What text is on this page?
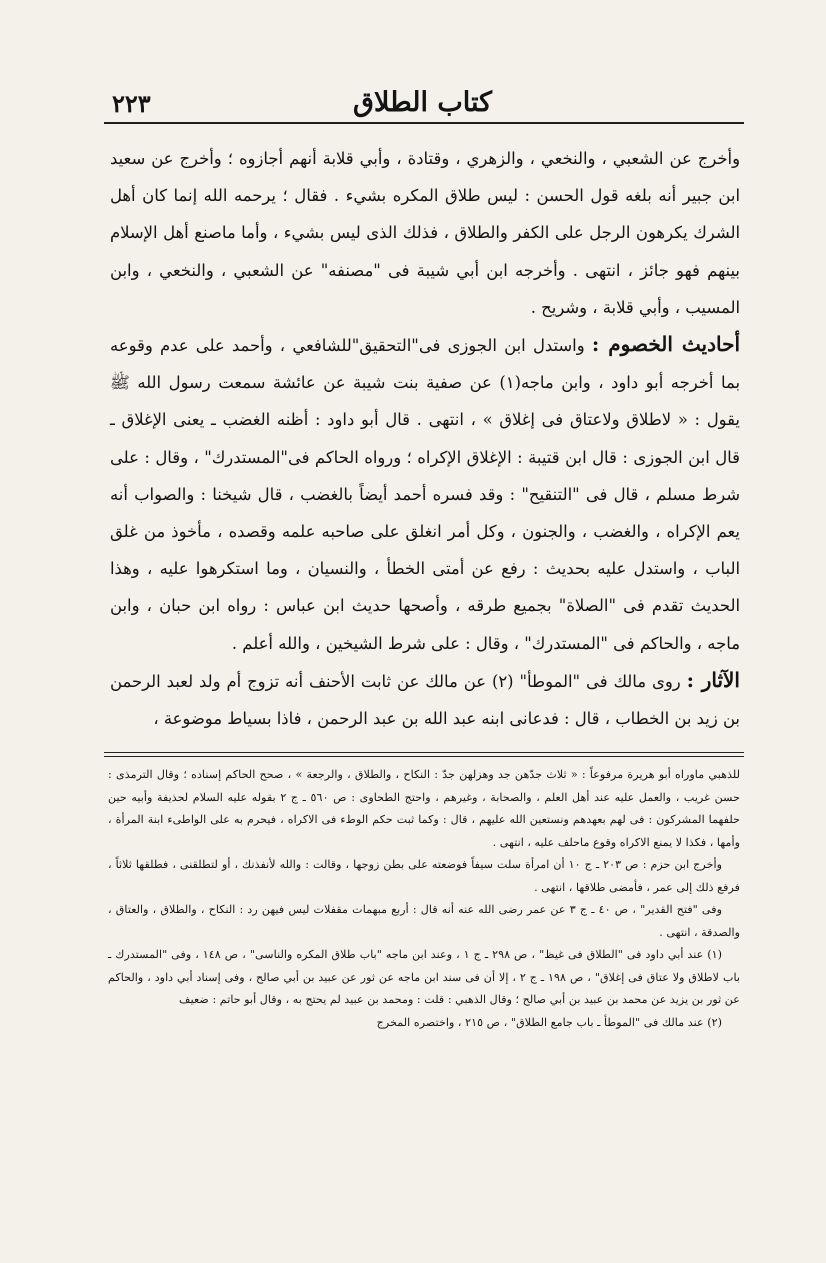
٢٢٣	كتاب الطلاق

وأخرج عن الشعبي ، والنخعي ، والزهري ، وقتادة ، وأبي قلابة أنهم أجازوه ؛ وأخرج عن سعيد ابن جبير أنه بلغه قول الحسن : ليس طلاق المكره بشيء . فقال ؛ يرحمه الله إنما كان أهل الشرك يكرهون الرجل على الكفر والطلاق ، فذلك الذى ليس بشيء ، وأما ماصنع أهل الإسلام بينهم فهو جائز ، انتهى . وأخرجه ابن أبي شيبة فى "مصنفه" عن الشعبي ، والنخعي ، وابن المسيب ، وأبي قلابة ، وشريح .

أحاديث الخصوم : واستدل ابن الجوزى فى"التحقيق"للشافعي ، وأحمد على عدم وقوعه بما أخرجه أبو داود ، وابن ماجه(١) عن صفية بنت شيبة عن عائشة سمعت رسول الله ﷺ يقول : « لاطلاق ولاعتاق فى إغلاق » ، انتهى . قال أبو داود : أظنه الغضب ـ يعنى الإغلاق ـ قال ابن الجوزى : قال ابن قتيبة : الإغلاق الإكراه ؛ ورواه الحاكم فى"المستدرك" ، وقال : على شرط مسلم ، قال فى "التنقيح" : وقد فسره أحمد أيضاً بالغضب ، قال شيخنا : والصواب أنه يعم الإكراه ، والغضب ، والجنون ، وكل أمر انغلق على صاحبه علمه وقصده ، مأخوذ من غلق الباب ، واستدل عليه بحديث : رفع عن أمتى الخطأ ، والنسيان ، وما استكرهوا عليه ، وهذا الحديث تقدم فى "الصلاة" بجميع طرقه ، وأصحها حديث ابن عباس : رواه ابن حبان ، وابن ماجه ، والحاكم فى "المستدرك" ، وقال : على شرط الشيخين ، والله أعلم .

الآثار : روى مالك فى "الموطأ" (٢) عن مالك عن ثابت الأحنف أنه تزوج أم ولد لعبد الرحمن بن زيد بن الخطاب ، قال : فدعانى ابنه عبد الله بن عبد الرحمن ، فاذا بسياط موضوعة ،

للذهبي ماوراه أبو هريرة مرفوعاً : « ثلاث جدّهن جد وهزلهن جدّ : النكاح ، والطلاق ، والرجعة » ، صحح الحاكم إسناده ؛ وقال الترمذى : حسن غريب ، والعمل عليه عند أهل العلم ، والصحابة ، وغيرهم ، واحتج الطحاوى : ص ٥٦٠ ـ ج ٢ بقوله عليه السلام لحذيفة وأبيه حين حلفهما المشركون : فى لهم بعهدهم ونستعين الله عليهم ، قال : وكما ثبت حكم الوطء فى الاكراه ، فيحرم به على الواطىء ابنة المرأة ، وأمها ، فكذا لا يمنع الاكراه وقوع ماحلف عليه ، انتهى .

وأخرج ابن حزم : ص ٢٠٣ ـ ج ١٠ أن امرأة سلت سيفاً فوضعته على بطن زوجها ، وقالت : والله لأنفذنك ، أو لتطلقنى ، فطلقها ثلاثاً ، فرفع ذلك إلى عمر ، فأمضى طلاقها ، انتهى .

وفى "فتح القدير" ، ص ٤٠ ـ ج ٣ عن عمر رضى الله عنه أنه قال : أربع مبهمات مقفلات ليس فيهن رد : النكاح ، والطلاق ، والعتاق ، والصدقة ، انتهى .

(١) عند أبي داود فى "الطلاق فى غيظ" ، ص ٢٩٨ ـ ج ١ ، وعند ابن ماجه "باب طلاق المكره والناسى" ، ص ١٤٨ ، وفى "المستدرك ـ باب لاطلاق ولا عتاق فى إغلاق" ، ص ١٩٨ ـ ج ٢ ، إلا أن فى سند ابن ماجه عن ثور عن عبيد بن أبي صالح ، وفى إسناد أبي داود ، والحاكم عن ثور بن يزيد عن محمد بن عبيد بن أبي صالح ؛ وقال الذهبي : قلت : ومحمد بن عبيد لم يحتج به ، وقال أبو حاتم : ضعيف

(٢) عند مالك فى "الموطأ ـ باب جامع الطلاق" ، ص ٢١٥ ، واختصره المخرج
